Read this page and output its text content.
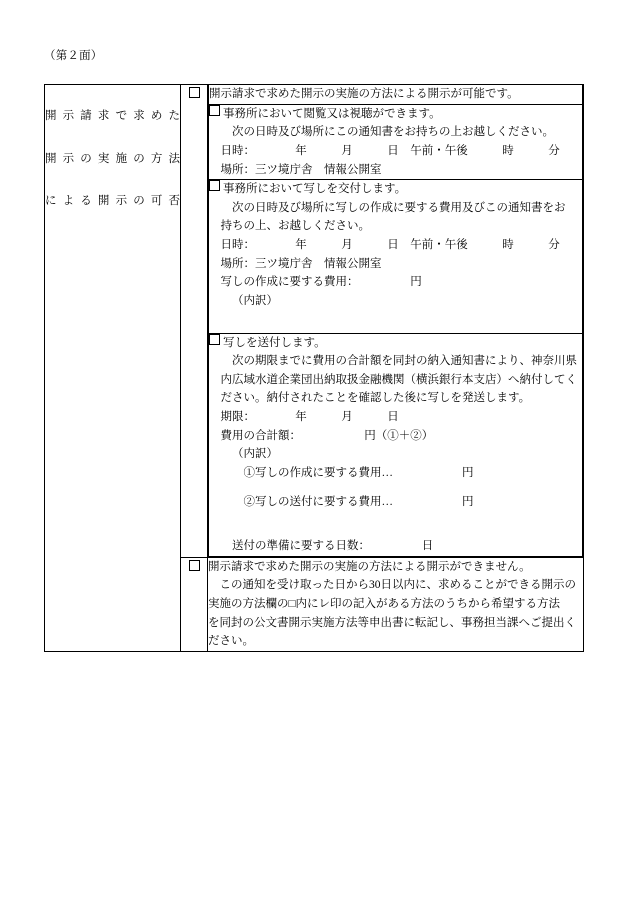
（第２面）

開 示 請 求 で 求 め た

開 示 の 実 施 の 方 法

に よ る 開 示 の 可 否

開示請求で求めた開示の実施の方法による開示が可能です。

事務所において閲覧又は視聴ができます。

次の日時及び場所にこの通知書をお持ちの上お越しください。

日時：　　　　年　　　月　　　日　午前・午後　　　時　　　分

場所：三ツ境庁舎　情報公開室

事務所において写しを交付します。

次の日時及び場所に写しの作成に要する費用及びこの通知書をお

持ちの上、お越しください。

日時：　　　　年　　　月　　　日　午前・午後　　　時　　　分

場所：三ツ境庁舎　情報公開室

写しの作成に要する費用：　　　　　円

（内訳）

写しを送付します。

次の期限までに費用の合計額を同封の納入通知書により、神奈川県

内広域水道企業団出納取扱金融機関（横浜銀行本支店）へ納付してく

ださい。納付されたことを確認した後に写しを発送します。

期限：　　　　年　　　月　　　日

費用の合計額：　　　　　　円（①＋②）

（内訳）

①写しの作成に要する費用…　　　　　　円

②写しの送付に要する費用…　　　　　　円

送付の準備に要する日数：　　　　　日

開示請求で求めた開示の実施の方法による開示ができません。

この通知を受け取った日から30日以内に、求めることができる開示の

実施の方法欄の□内にレ印の記入がある方法のうちから希望する方法

を同封の公文書開示実施方法等申出書に転記し、事務担当課へご提出く

ださい。
